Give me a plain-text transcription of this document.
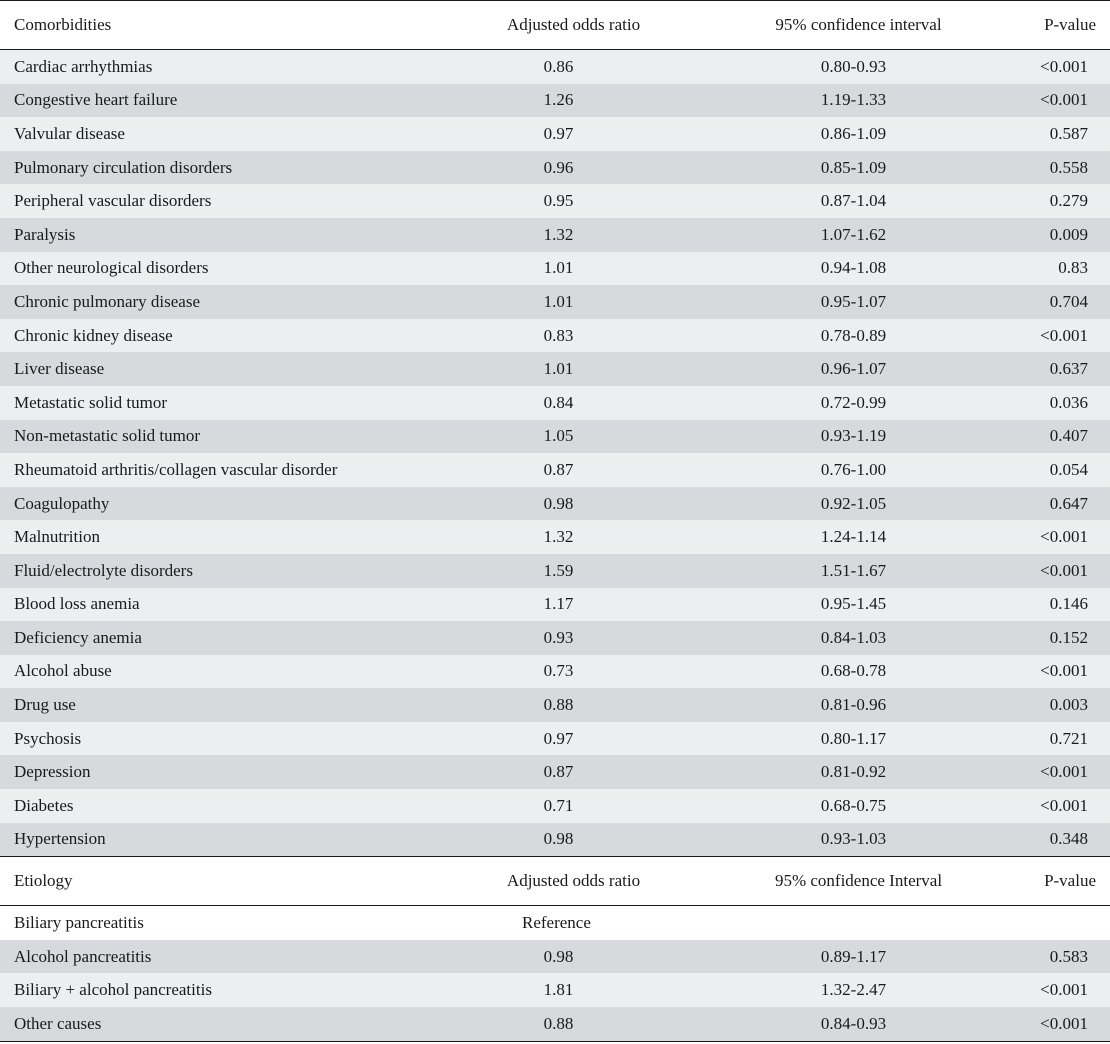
Comorbidities	Adjusted odds ratio	95% confidence interval	P-value
Cardiac arrhythmias	0.86	0.80-0.93	<0.001
Congestive heart failure	1.26	1.19-1.33	<0.001
Valvular disease	0.97	0.86-1.09	0.587
Pulmonary circulation disorders	0.96	0.85-1.09	0.558
Peripheral vascular disorders	0.95	0.87-1.04	0.279
Paralysis	1.32	1.07-1.62	0.009
Other neurological disorders	1.01	0.94-1.08	0.83
Chronic pulmonary disease	1.01	0.95-1.07	0.704
Chronic kidney disease	0.83	0.78-0.89	<0.001
Liver disease	1.01	0.96-1.07	0.637
Metastatic solid tumor	0.84	0.72-0.99	0.036
Non-metastatic solid tumor	1.05	0.93-1.19	0.407
Rheumatoid arthritis/collagen vascular disorder	0.87	0.76-1.00	0.054
Coagulopathy	0.98	0.92-1.05	0.647
Malnutrition	1.32	1.24-1.14	<0.001
Fluid/electrolyte disorders	1.59	1.51-1.67	<0.001
Blood loss anemia	1.17	0.95-1.45	0.146
Deficiency anemia	0.93	0.84-1.03	0.152
Alcohol abuse	0.73	0.68-0.78	<0.001
Drug use	0.88	0.81-0.96	0.003
Psychosis	0.97	0.80-1.17	0.721
Depression	0.87	0.81-0.92	<0.001
Diabetes	0.71	0.68-0.75	<0.001
Hypertension	0.98	0.93-1.03	0.348
Etiology	Adjusted odds ratio	95% confidence Interval	P-value
Biliary pancreatitis	Reference
Alcohol pancreatitis	0.98	0.89-1.17	0.583
Biliary + alcohol pancreatitis	1.81	1.32-2.47	<0.001
Other causes	0.88	0.84-0.93	<0.001
